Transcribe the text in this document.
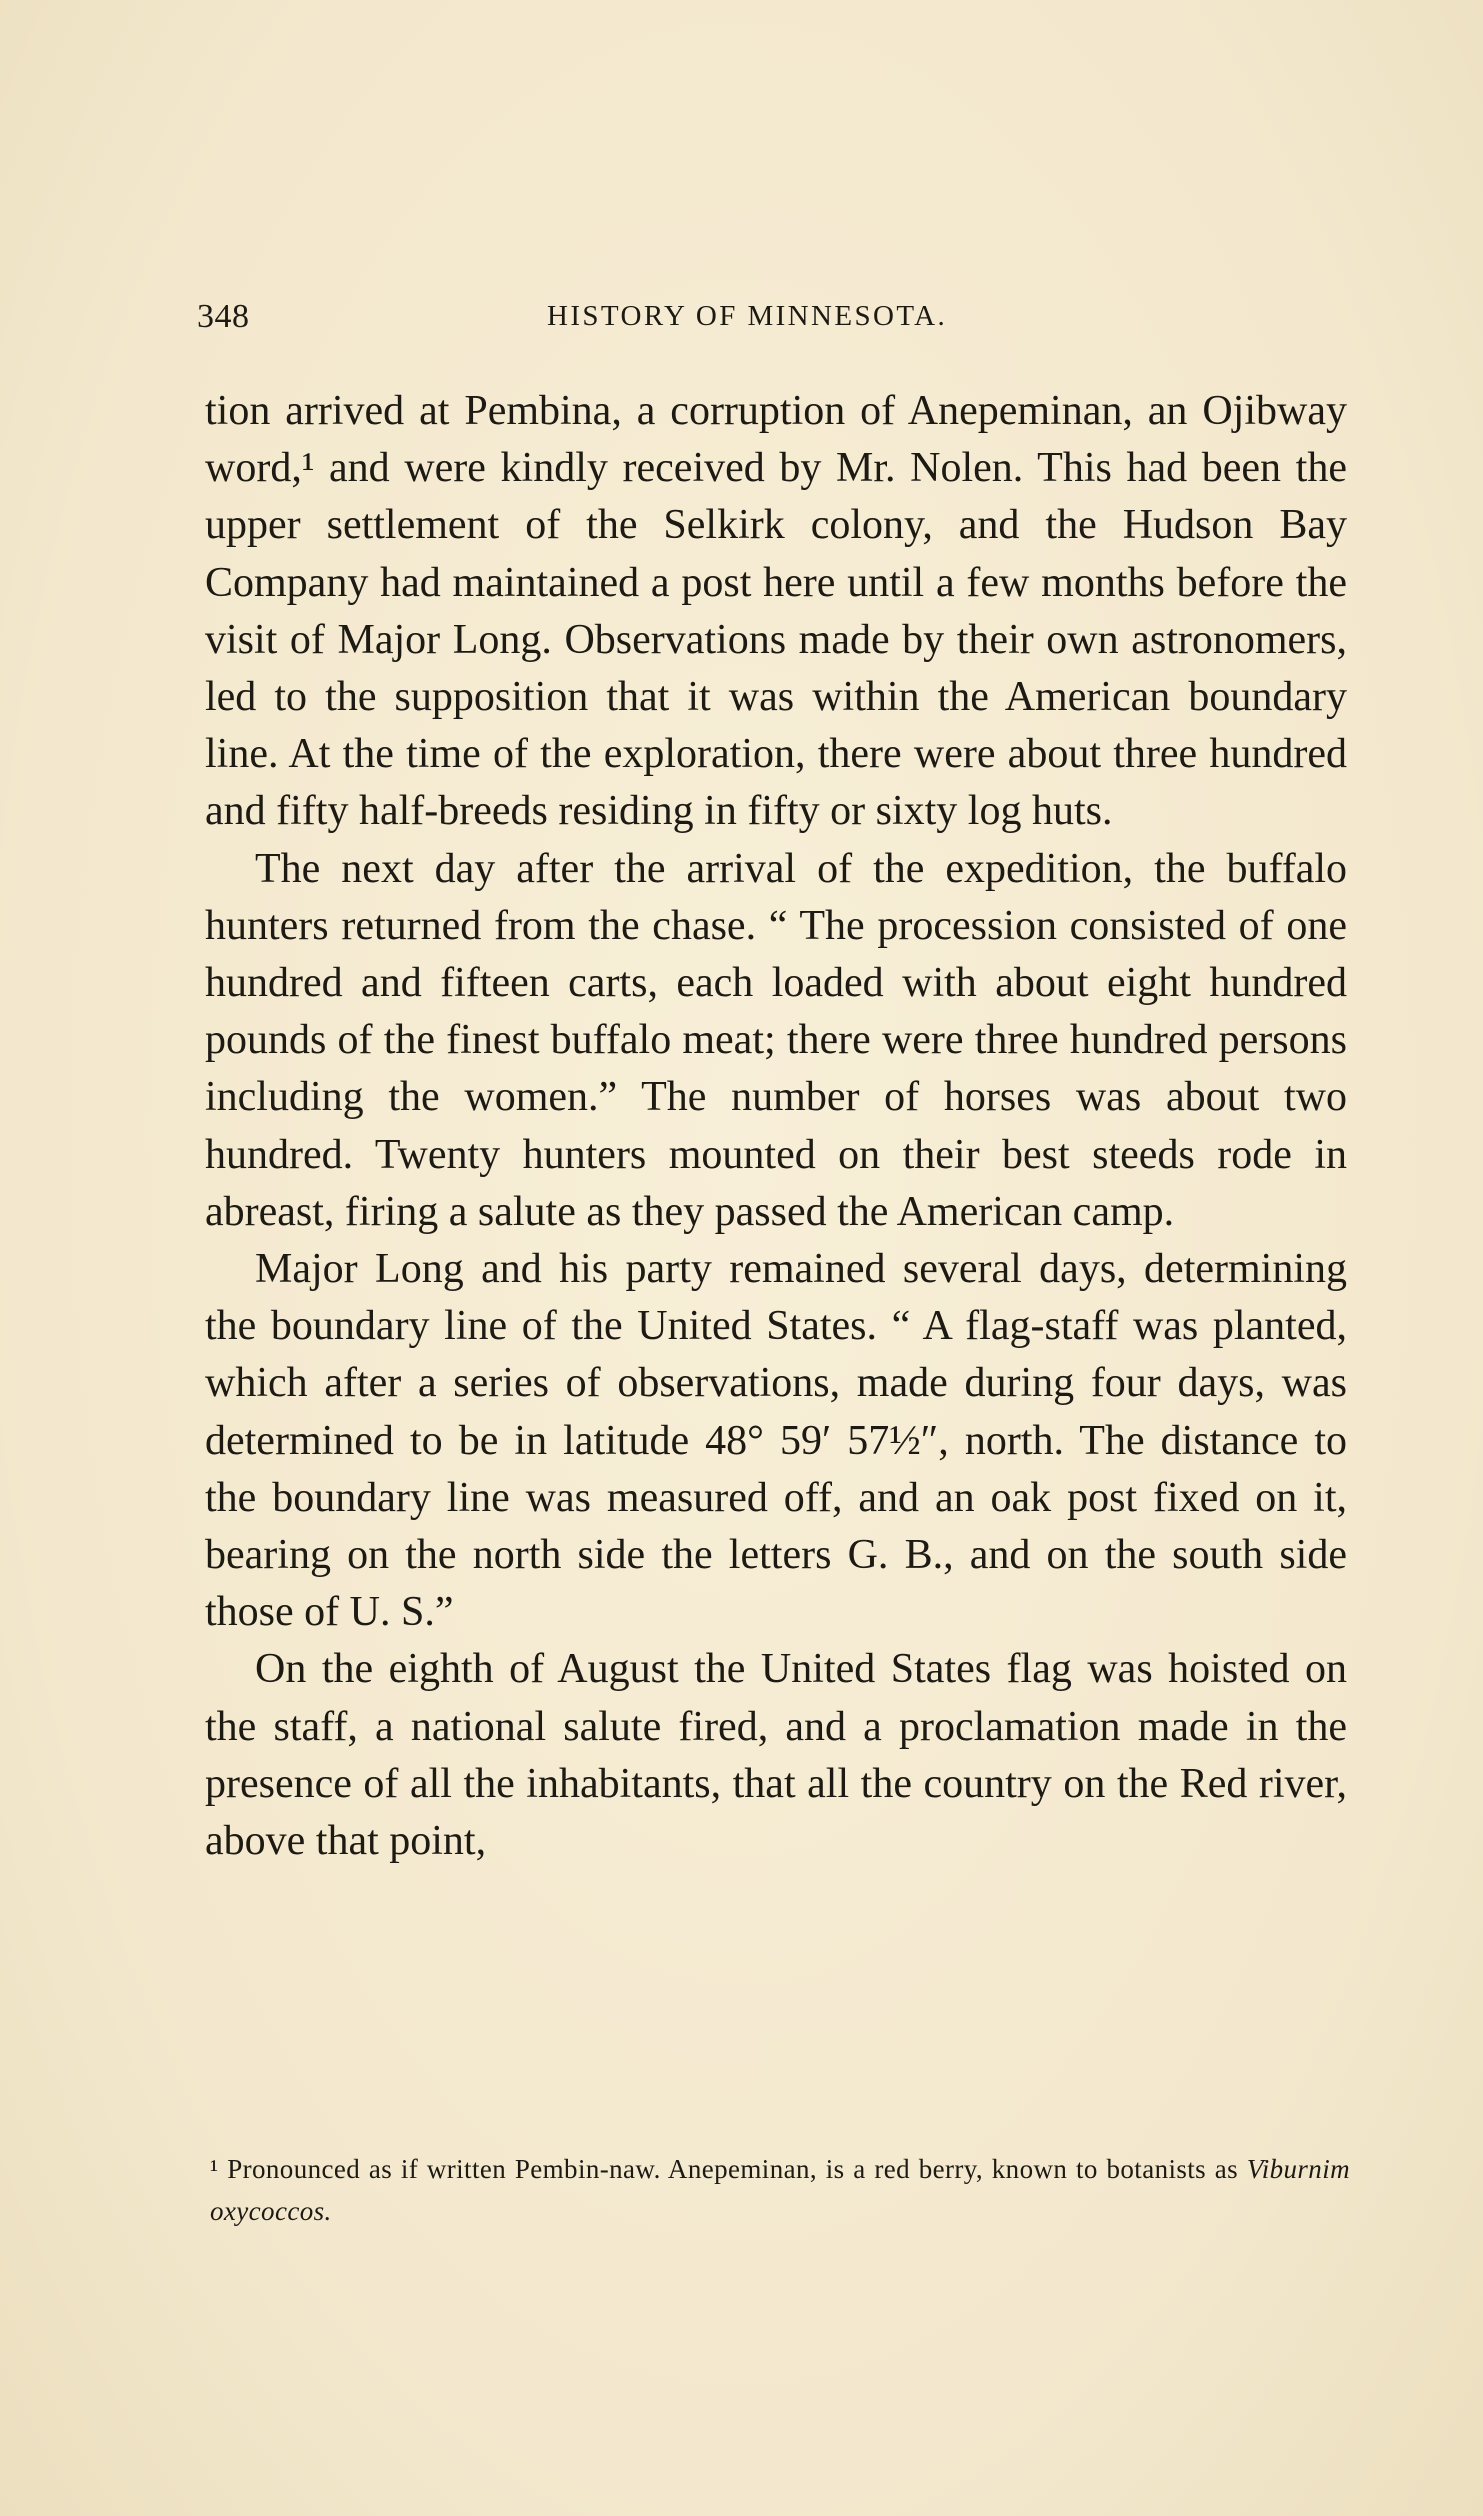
348	HISTORY OF MINNESOTA.

tion arrived at Pembina, a corruption of Anepeminan, an Ojibway word,¹ and were kindly received by Mr. Nolen. This had been the upper settlement of the Selkirk colony, and the Hudson Bay Company had maintained a post here until a few months before the visit of Major Long. Observations made by their own astronomers, led to the supposition that it was within the American boundary line. At the time of the exploration, there were about three hundred and fifty half-breeds residing in fifty or sixty log huts.

The next day after the arrival of the expedition, the buffalo hunters returned from the chase. “ The procession consisted of one hundred and fifteen carts, each loaded with about eight hundred pounds of the finest buffalo meat; there were three hundred persons including the women.” The number of horses was about two hundred. Twenty hunters mounted on their best steeds rode in abreast, firing a salute as they passed the American camp.

Major Long and his party remained several days, determining the boundary line of the United States. “ A flag-staff was planted, which after a series of observations, made during four days, was determined to be in latitude 48° 59′ 57½″, north. The distance to the boundary line was measured off, and an oak post fixed on it, bearing on the north side the letters G. B., and on the south side those of U. S.”

On the eighth of August the United States flag was hoisted on the staff, a national salute fired, and a proclamation made in the presence of all the inhabitants, that all the country on the Red river, above that point,

¹ Pronounced as if written Pembin-naw. Anepeminan, is a red berry, known to botanists as Viburnim oxycoccos.
